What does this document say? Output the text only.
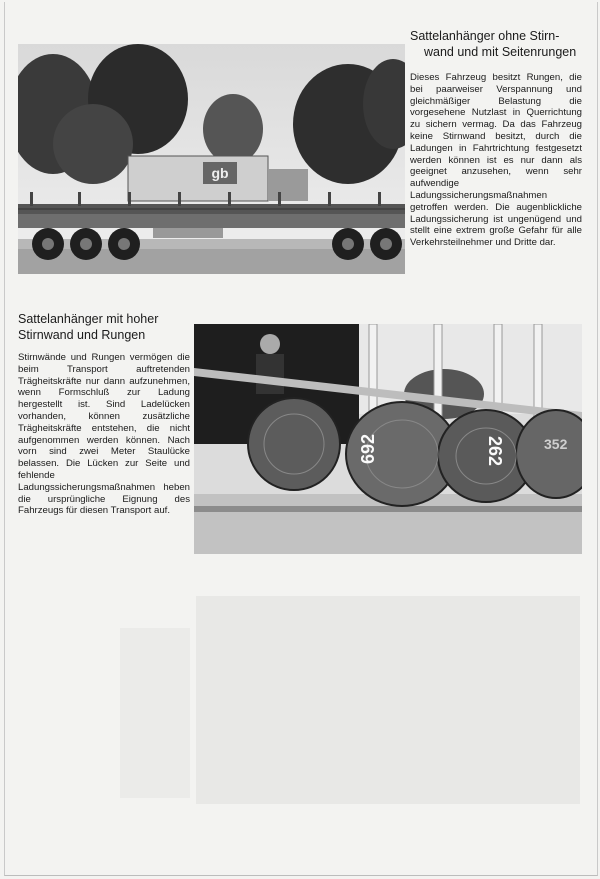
gb
Sattelanhänger ohne Stirn-
wand und mit Seitenrungen

Dieses Fahrzeug besitzt Rungen, die bei paarweiser Verspannung und gleichmäßiger Belastung die vorgesehene Nutzlast in Querrichtung zu sichern vermag. Da das Fahrzeug keine Stirnwand besitzt, durch die Ladungen in Fahrtrichtung festgesetzt werden können ist es nur dann als geeignet anzusehen, wenn sehr aufwendige Ladungssicherungsmaßnahmen getroffen werden. Die augenblickliche Ladungssicherung ist ungenügend und stellt eine extrem große Gefahr für alle Verkehrsteilnehmer und Dritte dar.

Sattelanhänger mit hoher
Stirnwand und Rungen

Stirnwände und Rungen vermögen die beim Transport auftretenden Trägheitskräfte nur dann aufzunehmen, wenn Formschluß zur Ladung hergestellt ist. Sind Ladelücken vorhanden, können zusätzliche Trägheitskräfte entstehen, die nicht aufgenommen werden können. Nach vorn sind zwei Meter Staulücke belassen. Die Lücken zur Seite und fehlende Ladungssicherungsmaßnahmen heben die ursprüngliche Eignung des Fahrzeugs für diesen Transport auf.

692	262	352
